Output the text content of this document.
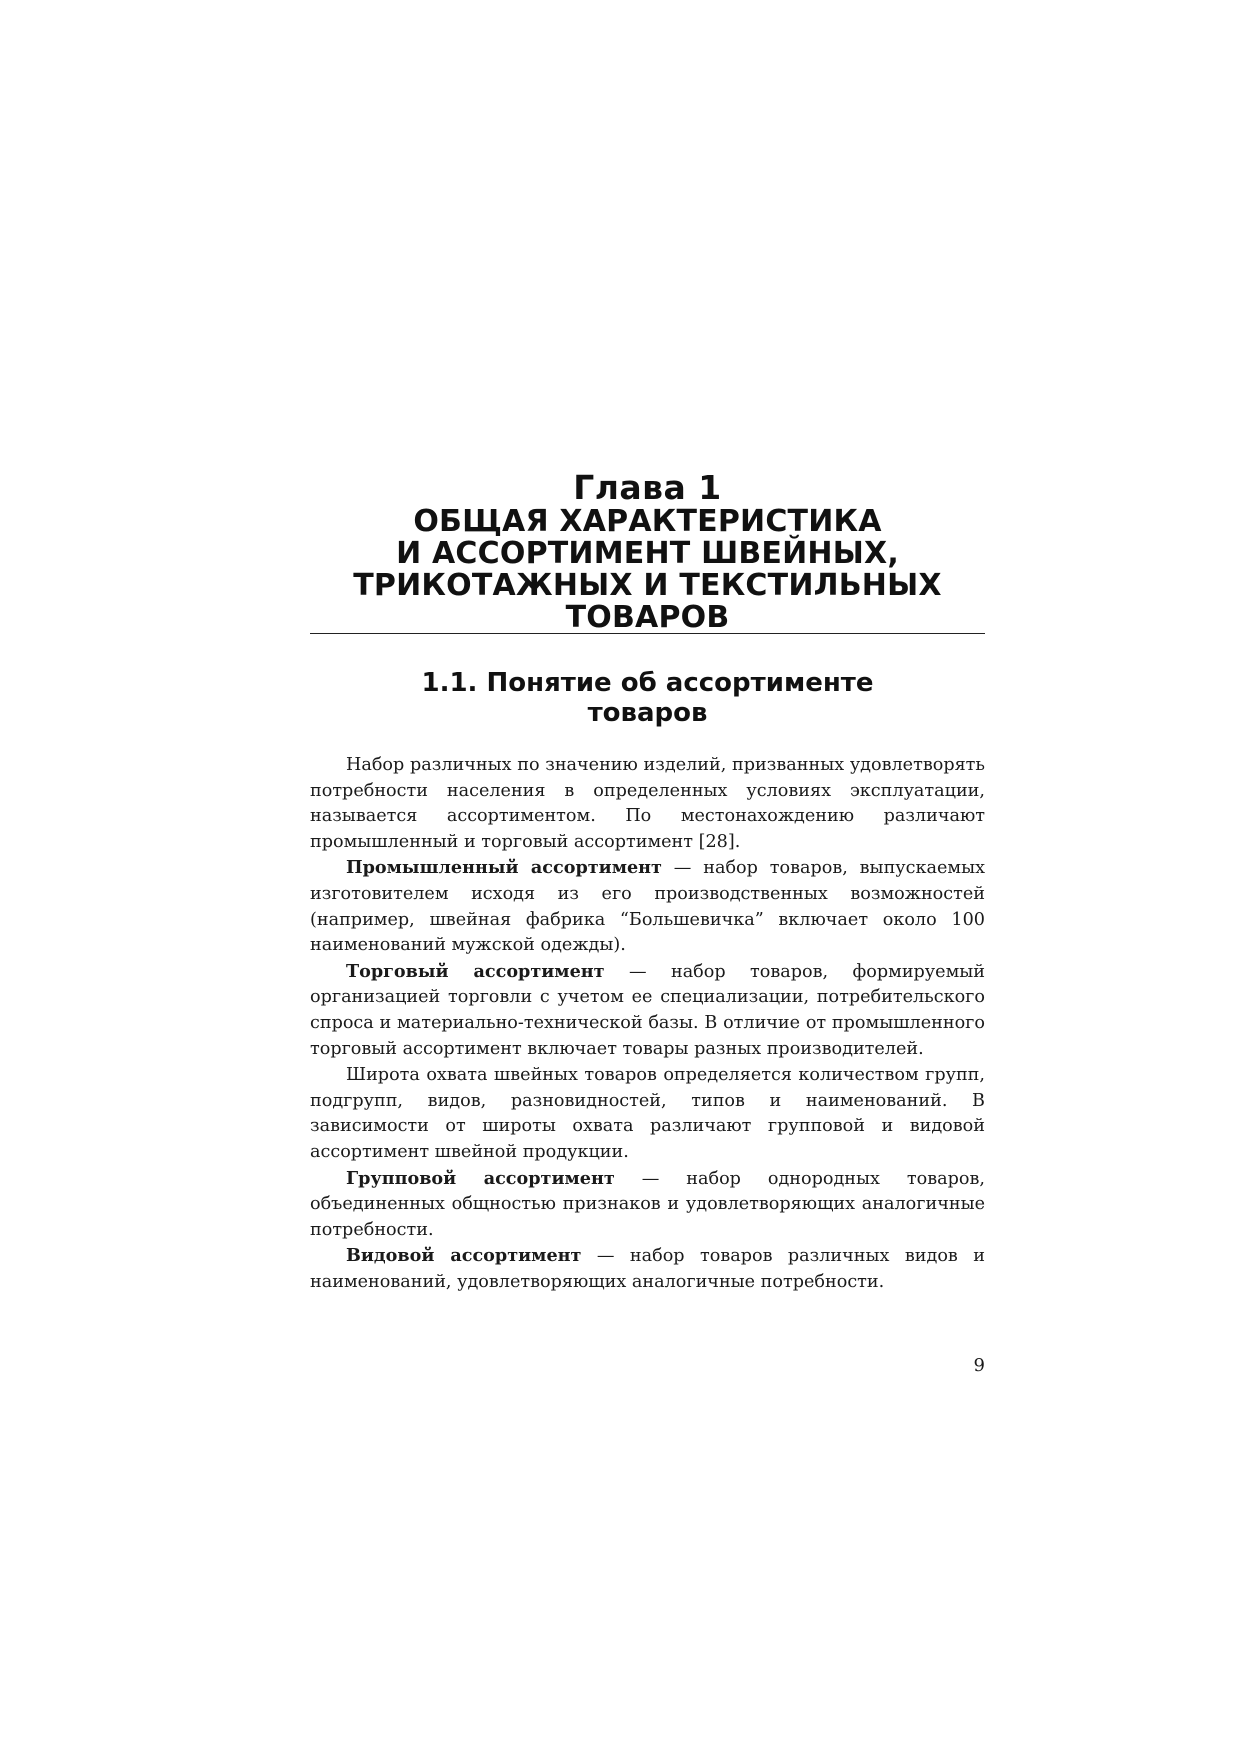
Глава 1
ОБЩАЯ ХАРАКТЕРИСТИКА
И АССОРТИМЕНТ ШВЕЙНЫХ,
ТРИКОТАЖНЫХ И ТЕКСТИЛЬНЫХ
ТОВАРОВ
1.1. Понятие об ассортименте
товаров

Набор различных по значению изделий, призванных удовлетворять потребности населения в определенных условиях эксплуатации, называется ассортиментом. По местонахождению различают промышленный и торговый ассортимент [28].

Промышленный ассортимент — набор товаров, выпускаемых изготовителем исходя из его производственных возможностей (например, швейная фабрика “Большевичка” включает около 100 наименований мужской одежды).

Торговый ассортимент — набор товаров, формируемый организацией торговли с учетом ее специализации, потребительского спроса и материально-технической базы. В отличие от промышленного торговый ассортимент включает товары разных производителей.

Широта охвата швейных товаров определяется количеством групп, подгрупп, видов, разновидностей, типов и наименований. В зависимости от широты охвата различают групповой и видовой ассортимент швейной продукции.

Групповой ассортимент — набор однородных товаров, объединенных общностью признаков и удовлетворяющих аналогичные потребности.

Видовой ассортимент — набор товаров различных видов и наименований, удовлетворяющих аналогичные потребности.

9
